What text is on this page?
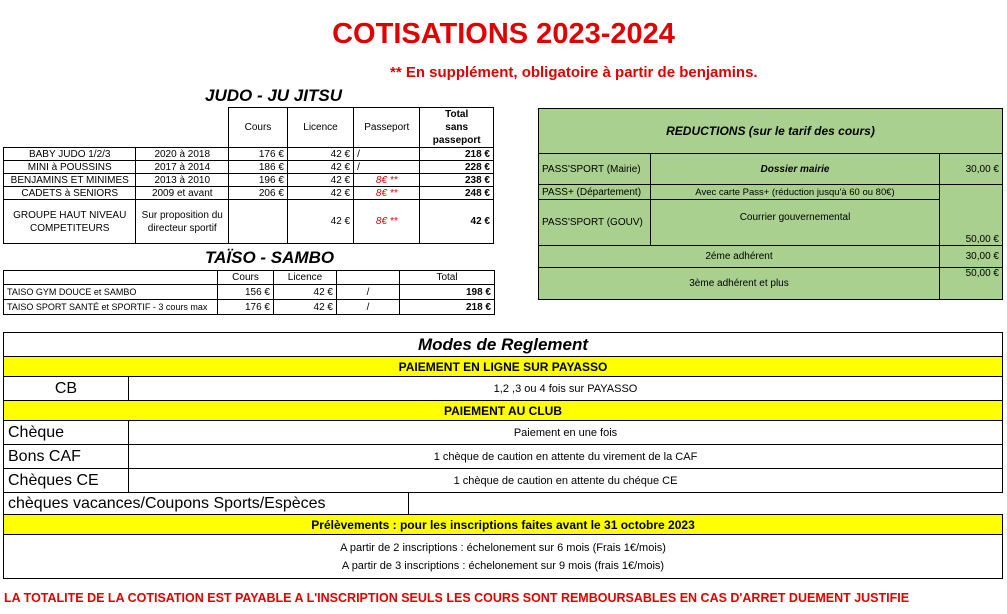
COTISATIONS 2023-2024
** En supplément, obligatoire à partir de benjamins.
JUDO - JU JITSU
		Cours	Licence	Passeport	Total
sans passeport
BABY JUDO 1/2/3	2020 à 2018	176 €	42 €	/	218 €
MINI à POUSSINS	2017 à 2014	186 €	42 €	/	228 €
BENJAMINS ET MINIMES	2013 à 2010	196 €	42 €	8€ **	238 €
CADETS à SENIORS	2009 et avant	206 €	42 €	8€ **	248 €
GROUPE HAUT NIVEAU COMPETITEURS	Sur proposition du directeur sportif		42 €	8€ **	42 €
TAÏSO - SAMBO
	Cours	Licence		Total
TAISO GYM DOUCE et SAMBO	156 €	42 €	/	198 €
TAISO SPORT SANTÉ et SPORTIF - 3 cours max	176 €	42 €	/	218 €
REDUCTIONS (sur le tarif des cours)		
PASS'SPORT (Mairie)	Dossier mairie	30,00 €
PASS+ (Département)	Avec carte Pass+ (réduction jusqu'à 60 ou 80€)	50,00 €
PASS'SPORT (GOUV)	Courrier gouvernemental	
2éme adhérent		30,00 €
3ème adhérent et plus		50,00 €
Modes de Reglement		
PAIEMENT EN LIGNE SUR PAYASSO		
CB	1,2 ,3 ou 4 fois sur PAYASSO	
PAIEMENT AU CLUB		
Chèque	Paiement en une fois	
Bons CAF	1 chèque de caution en attente du virement de la CAF	
Chèques CE	1 chèque de caution en attente du chéque CE	
chèques vacances/Coupons Sports/Espèces		
Prélèvements : pour les inscriptions faites avant le 31 octobre 2023		

A partir de 2 inscriptions : échelonement sur 6 mois (Frais 1€/mois)
A partir de 3 inscriptions : échelonement sur 9 mois (frais 1€/mois)		
LA TOTALITE DE LA COTISATION EST PAYABLE A L'INSCRIPTION SEULS LES COURS SONT REMBOURSABLES EN CAS D'ARRET DUEMENT JUSTIFIE
